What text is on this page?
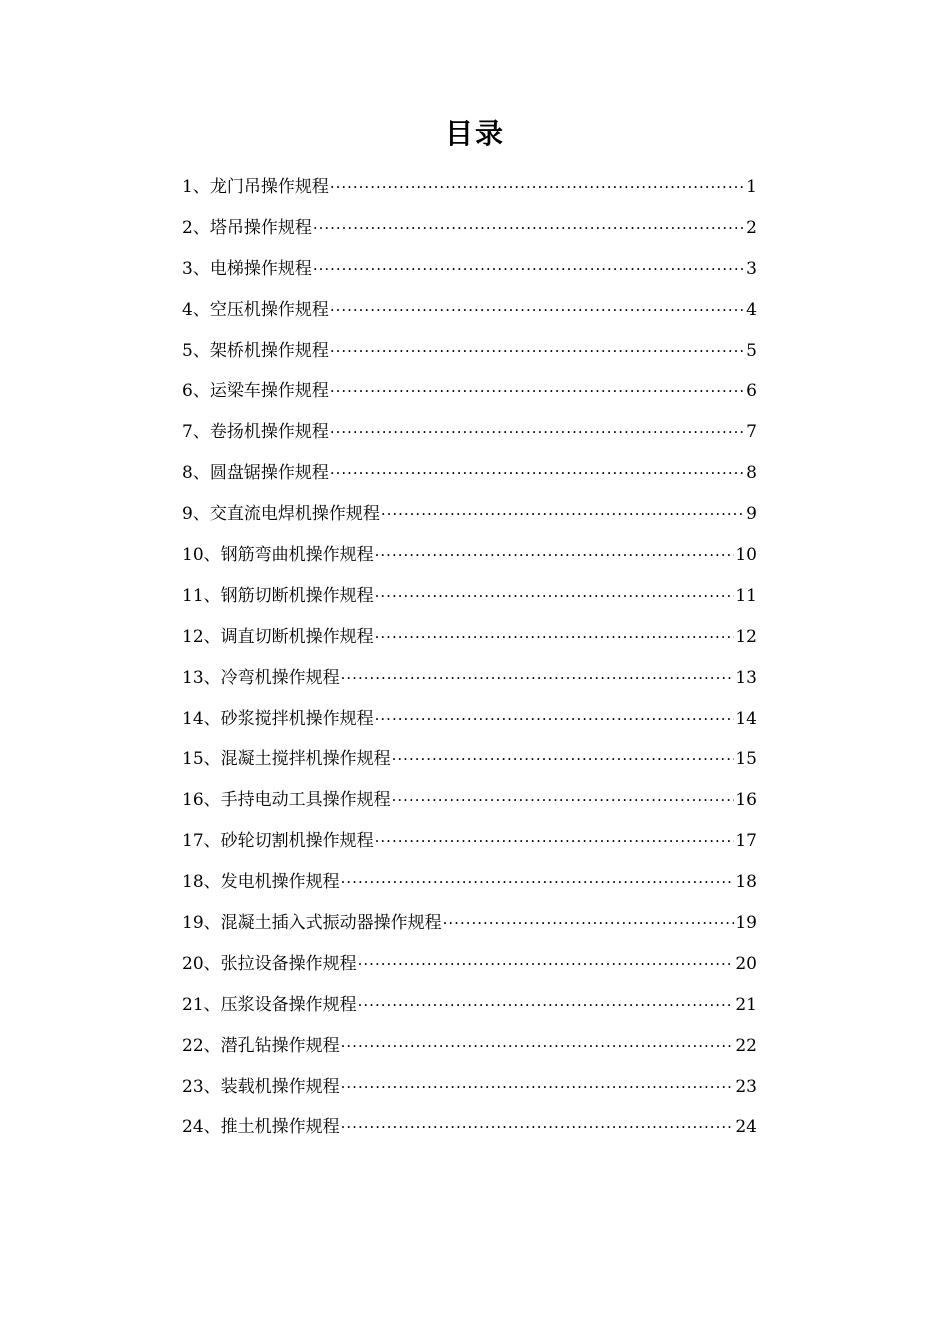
目录
1、龙门吊操作规程 ·····	1
2、塔吊操作规程 ·····	2
3、电梯操作规程 ·····	3
4、空压机操作规程 ·····	4
5、架桥机操作规程 ·····	5
6、运梁车操作规程 ·····	6
7、卷扬机操作规程 ·····	7
8、圆盘锯操作规程 ·····	8
9、交直流电焊机操作规程 ·····	9
10、钢筋弯曲机操作规程 ·····	10
11、钢筋切断机操作规程 ·····	11
12、调直切断机操作规程 ·····	12
13、冷弯机操作规程 ·····	13
14、砂浆搅拌机操作规程 ·····	14
15、混凝土搅拌机操作规程 ·····	15
16、手持电动工具操作规程 ·····	16
17、砂轮切割机操作规程 ·····	17
18、发电机操作规程 ·····	18
19、混凝土插入式振动器操作规程 ·····	19
20、张拉设备操作规程 ·····	20
21、压浆设备操作规程 ·····	21
22、潜孔钻操作规程 ·····	22
23、装载机操作规程 ·····	23
24、推土机操作规程 ·····	24
